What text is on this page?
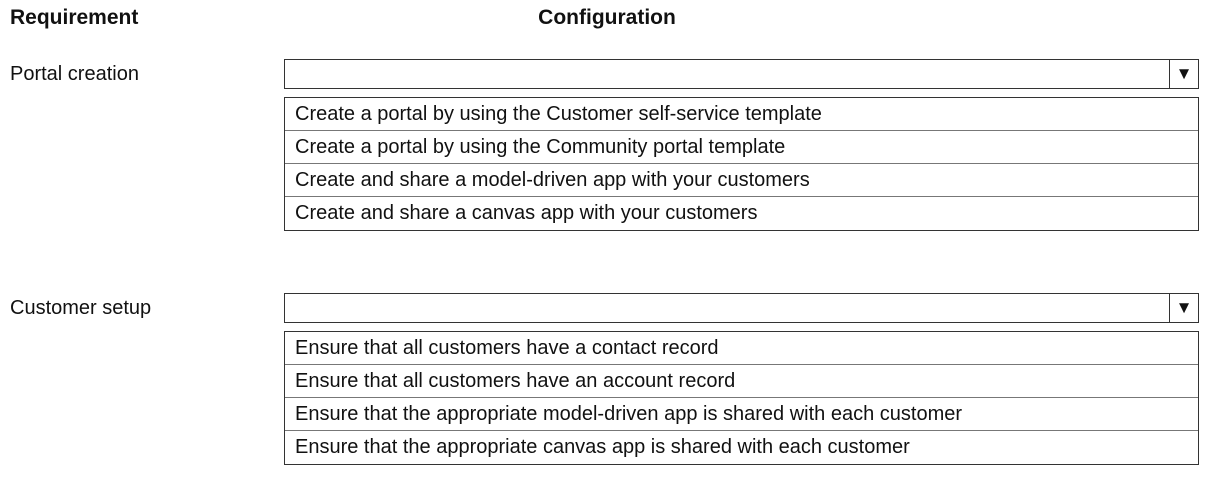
Requirement	Configuration
Portal creation	▼
Create a portal by using the Customer self-service template
Create a portal by using the Community portal template
Create and share a model-driven app with your customers
Create and share a canvas app with your customers
Customer setup	▼
Ensure that all customers have a contact record
Ensure that all customers have an account record
Ensure that the appropriate model-driven app is shared with each customer
Ensure that the appropriate canvas app is shared with each customer
